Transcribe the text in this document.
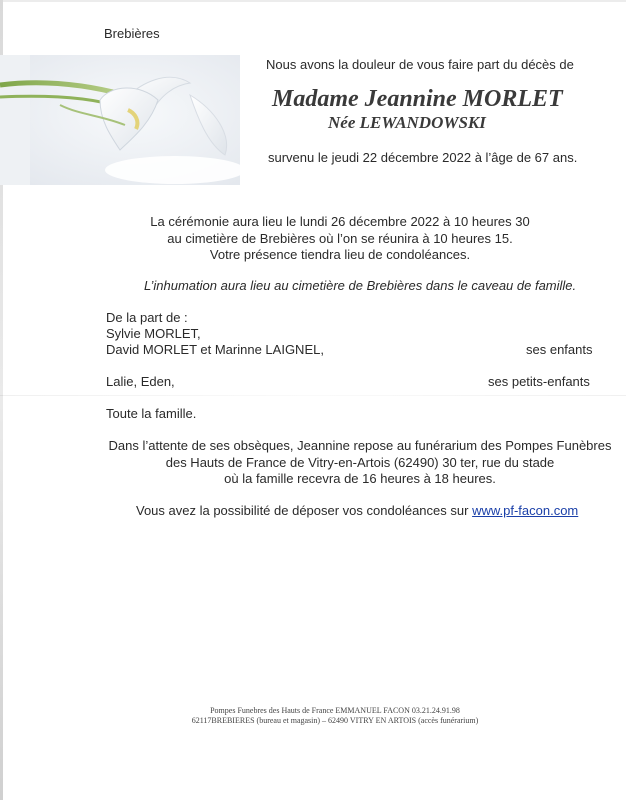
Brebières
Nous avons la douleur de vous faire part du décès de
Madame Jeannine MORLET
Née LEWANDOWSKI
survenu le jeudi 22 décembre 2022 à l’âge de 67 ans.
La cérémonie aura lieu le lundi 26 décembre 2022 à 10 heures 30
au cimetière de Brebières où l’on se réunira à 10 heures 15.
Votre présence tiendra lieu de condoléances.
L’inhumation aura lieu au cimetière de Brebières dans le caveau de famille.
De la part de :
Sylvie MORLET,
David MORLET et Marinne LAIGNEL,	ses enfants
Lalie, Eden,	ses petits-enfants
Toute la famille.
Dans l’attente de ses obsèques, Jeannine repose au funérarium des Pompes Funèbres
des Hauts de France de Vitry-en-Artois (62490) 30 ter, rue du stade
où la famille recevra de 16 heures à 18 heures.
Vous avez la possibilité de déposer vos condoléances sur www.pf-facon.com
Pompes Funebres des Hauts de France EMMANUEL FACON 03.21.24.91.98
62117BREBIERES (bureau et magasin) – 62490 VITRY EN ARTOIS (accès funérarium)
